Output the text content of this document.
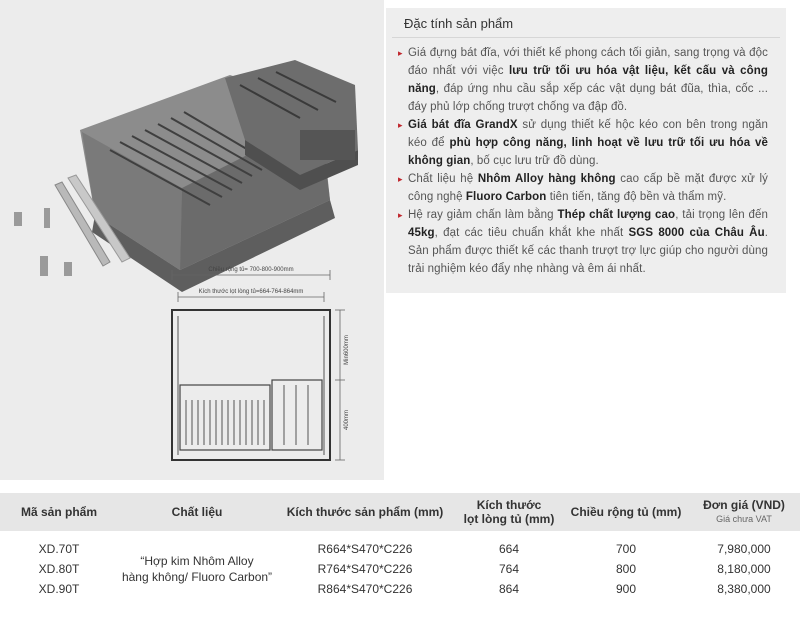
Chiều rộng tủ= 700-800-900mm
Kích thước lọt lòng tủ=664-764-864mm
Min600mm
400mm
Đặc tính sản phẩm
▸ Giá đựng bát đĩa, với thiết kế phong cách tối giản, sang trọng và độc đáo nhất với việc lưu trữ tối ưu hóa vật liệu, kết cấu và công năng, đáp ứng nhu cầu sắp xếp các vật dụng bát đũa, thìa, cốc ... đáy phủ lớp chống trượt chống va đập đồ.
▸ Giá bát đĩa GrandX sử dụng thiết kế hộc kéo con bên trong ngăn kéo để phù hợp công năng, linh hoạt về lưu trữ tối ưu hóa về không gian, bố cục lưu trữ đồ dùng.
▸ Chất liệu hệ Nhôm Alloy hàng không cao cấp bề mặt được xử lý công nghệ Fluoro Carbon tiên tiến, tăng độ bền và thẩm mỹ.
▸ Hệ ray giảm chấn làm bằng Thép chất lượng cao, tải trọng lên đến 45kg, đạt các tiêu chuẩn khắt khe nhất SGS 8000 của Châu Âu. Sản phẩm được thiết kế các thanh trượt trợ lực giúp cho người dùng trải nghiệm kéo đẩy nhẹ nhàng và êm ái nhất.
Mã sản phẩm	Chất liệu	Kích thước sản phẩm (mm)	Kích thước
lọt lòng tủ (mm)	Chiều rộng tủ (mm)	Đơn giá (VND)
Giá chưa VAT

XD.70T	“Hợp kim Nhôm Alloy
hàng không/ Fluoro Carbon”	R664*S470*C226	664	700	7,980,000
XD.80T		R764*S470*C226	764	800	8,180,000
XD.90T		R864*S470*C226	864	900	8,380,000
